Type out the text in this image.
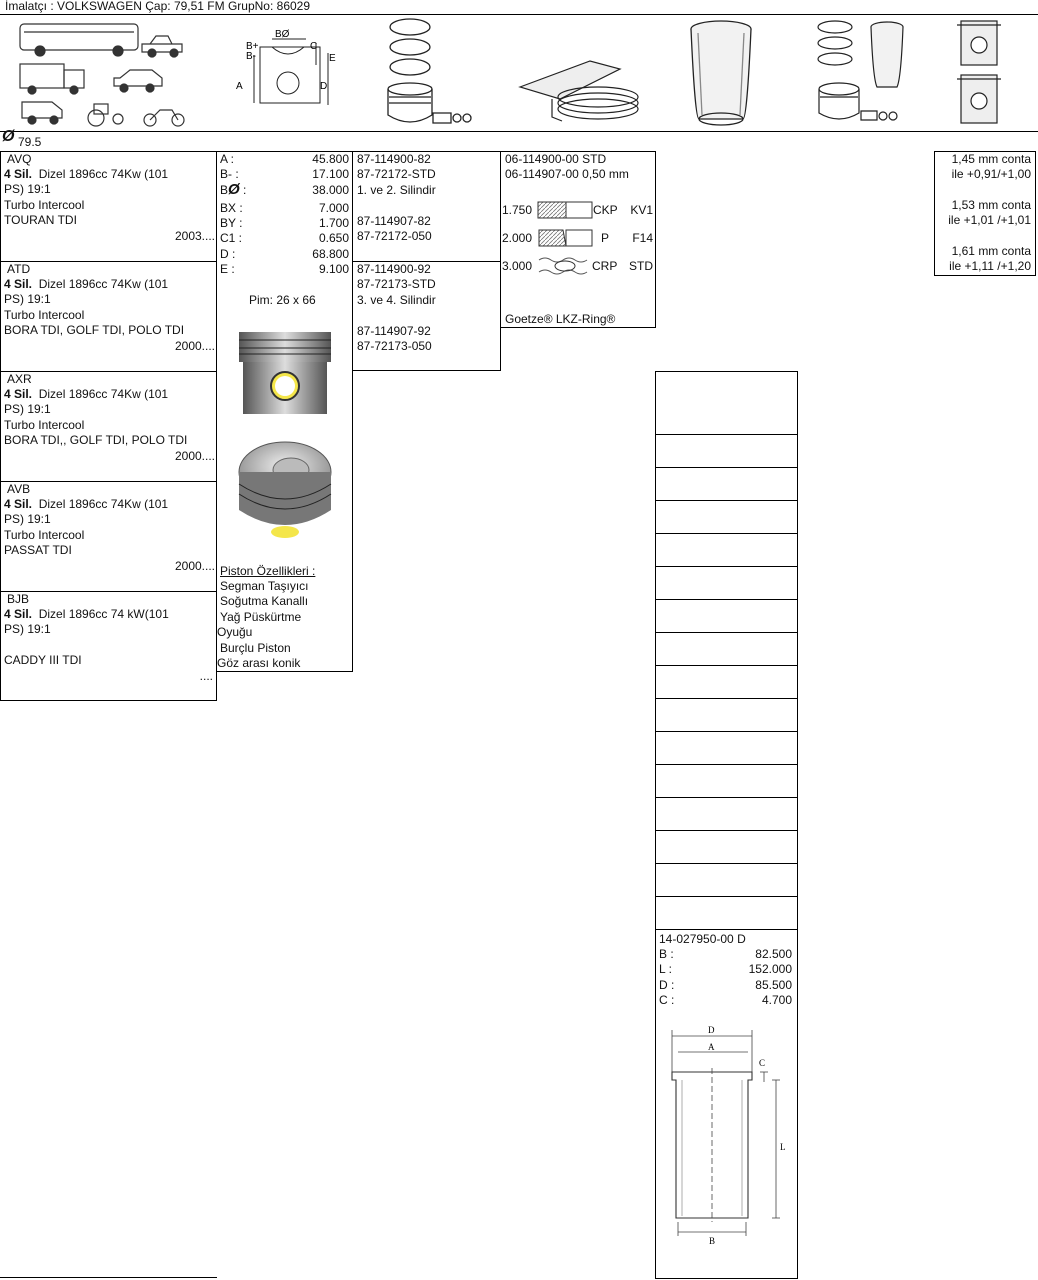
İmalatçı : VOLKSWAGEN Çap: 79,51 FM GrupNo: 86029
BØ
B+
B-
C
E
A	D
Ø 79.5
AVQ
4 Sil. Dizel 1896cc 74Kw (101
PS) 19:1
Turbo Intercool
TOURAN TDI
2003....
ATD
4 Sil. Dizel 1896cc 74Kw (101
PS) 19:1
Turbo Intercool
BORA TDI, GOLF TDI, POLO TDI
2000....
AXR
4 Sil. Dizel 1896cc 74Kw (101
PS) 19:1
Turbo Intercool
BORA TDI,, GOLF TDI, POLO TDI
2000....
AVB
4 Sil. Dizel 1896cc 74Kw (101
PS) 19:1
Turbo Intercool
PASSAT TDI
2000....
BJB
4 Sil. Dizel 1896cc 74 kW(101
PS) 19:1
CADDY III TDI
....
A :	45.800
B- :	17.100
BØ :	38.000
BX :	7.000
BY :	1.700
C1 :	0.650
D :	68.800
E :	9.100
Pim: 26 x 66
Piston Özellikleri :
Segman Taşıyıcı
Soğutma Kanallı
Yağ Püskürtme
Oyuğu
Burçlu Piston
Göz arası konik
87-114900-82
87-72172-STD
1. ve 2. Silindir
87-114907-82
87-72172-050
87-114900-92
87-72173-STD
3. ve 4. Silindir
87-114907-92
87-72173-050
06-114900-00 STD
06-114907-00 0,50 mm
1.750	CKP KV1
2.000	P F14
3.000	CRP STD
Goetze® LKZ-Ring®
1,45 mm conta
ile +0,91/+1,00
1,53 mm conta
ile +1,01 /+1,01
1,61 mm conta
ile +1,11 /+1,20
14-027950-00 D
B :	82.500
L :	152.000
D :	85.500
C :	4.700
D
A
C
L
B
